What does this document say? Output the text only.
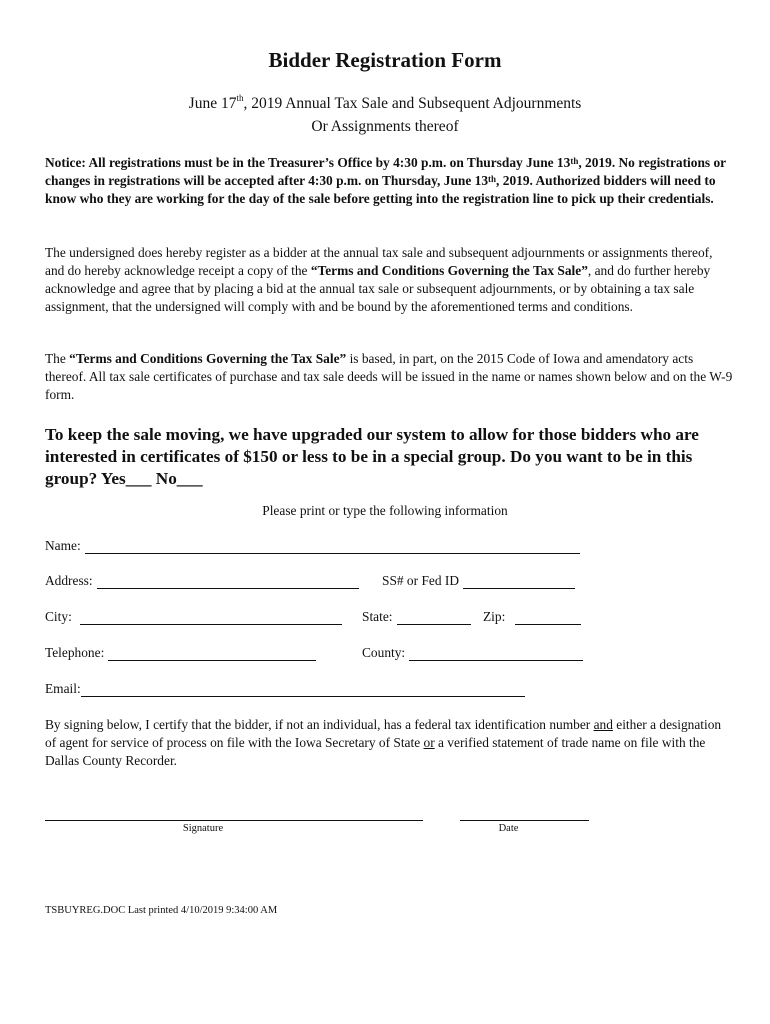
Bidder Registration Form
June 17th, 2019 Annual Tax Sale and Subsequent Adjournments
Or Assignments thereof
Notice: All registrations must be in the Treasurer’s Office by 4:30 p.m. on Thursday June 13th, 2019. No registrations or changes in registrations will be accepted after 4:30 p.m. on Thursday, June 13th, 2019. Authorized bidders will need to know who they are working for the day of the sale before getting into the registration line to pick up their credentials.
The undersigned does hereby register as a bidder at the annual tax sale and subsequent adjournments or assignments thereof, and do hereby acknowledge receipt a copy of the “Terms and Conditions Governing the Tax Sale”, and do further hereby acknowledge and agree that by placing a bid at the annual tax sale or subsequent adjournments, or by obtaining a tax sale assignment, that the undersigned will comply with and be bound by the aforementioned terms and conditions.
The “Terms and Conditions Governing the Tax Sale” is based, in part, on the 2015 Code of Iowa and amendatory acts thereof. All tax sale certificates of purchase and tax sale deeds will be issued in the name or names shown below and on the W-9 form.
To keep the sale moving, we have upgraded our system to allow for those bidders who are interested in certificates of $150 or less to be in a special group. Do you want to be in this group? Yes___ No___
Please print or type the following information
Name:
Address:	SS# or Fed ID
City:	State:	Zip:
Telephone:	County:
Email:
By signing below, I certify that the bidder, if not an individual, has a federal tax identification number and either a designation of agent for service of process on file with the Iowa Secretary of State or a verified statement of trade name on file with the Dallas County Recorder.
Signature	Date
TSBUYREG.DOC Last printed 4/10/2019 9:34:00 AM
